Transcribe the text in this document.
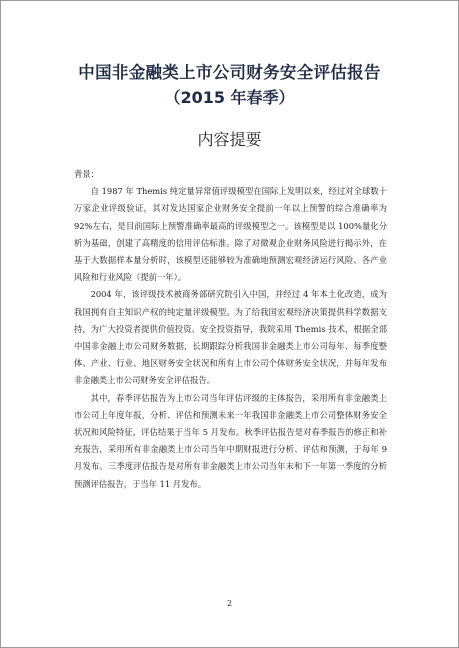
中国非金融类上市公司财务安全评估报告
（2015 年春季）
内容提要

背景：

自 1987 年 Themis 纯定量异常值评级模型在国际上发明以来，经过对全球数十万家企业评级验证，其对发达国家企业财务安全提前一年以上预警的综合准确率为 92%左右，是目前国际上预警准确率最高的评级模型之一。该模型是以 100%量化分析为基础，创建了高精度的信用评估标准。除了对微观企业财务风险进行揭示外，在基于大数据样本量分析时，该模型还能够较为准确地预测宏观经济运行风险、各产业风险和行业风险（提前一年）。

2004 年，该评级技术被商务部研究院引入中国，并经过 4 年本土化改造，成为我国拥有自主知识产权的纯定量评级模型。为了给我国宏观经济决策提供科学数据支持，为广大投资者提供价值投资、安全投资指导，我院采用 Themis 技术，根据全部中国非金融上市公司财务数据，长期跟踪分析我国非金融类上市公司每年、每季度整体、产业、行业、地区财务安全状况和所有上市公司个体财务安全状况，并每年发布非金融类上市公司财务安全评估报告。

其中，春季评估报告为上市公司当年评估评级的主体报告，采用所有非金融类上市公司上年度年报，分析、评估和预测未来一年我国非金融类上市公司整体财务安全状况和风险特征，评估结果于当年 5 月发布。秋季评估报告是对春季报告的修正和补充报告，采用所有非金融类上市公司当年中期财报进行分析、评估和预测，于每年 9 月发布。三季度评估报告是对所有非金融类上市公司当年末和下一年第一季度的分析预测评估报告，于当年 11 月发布。

2
